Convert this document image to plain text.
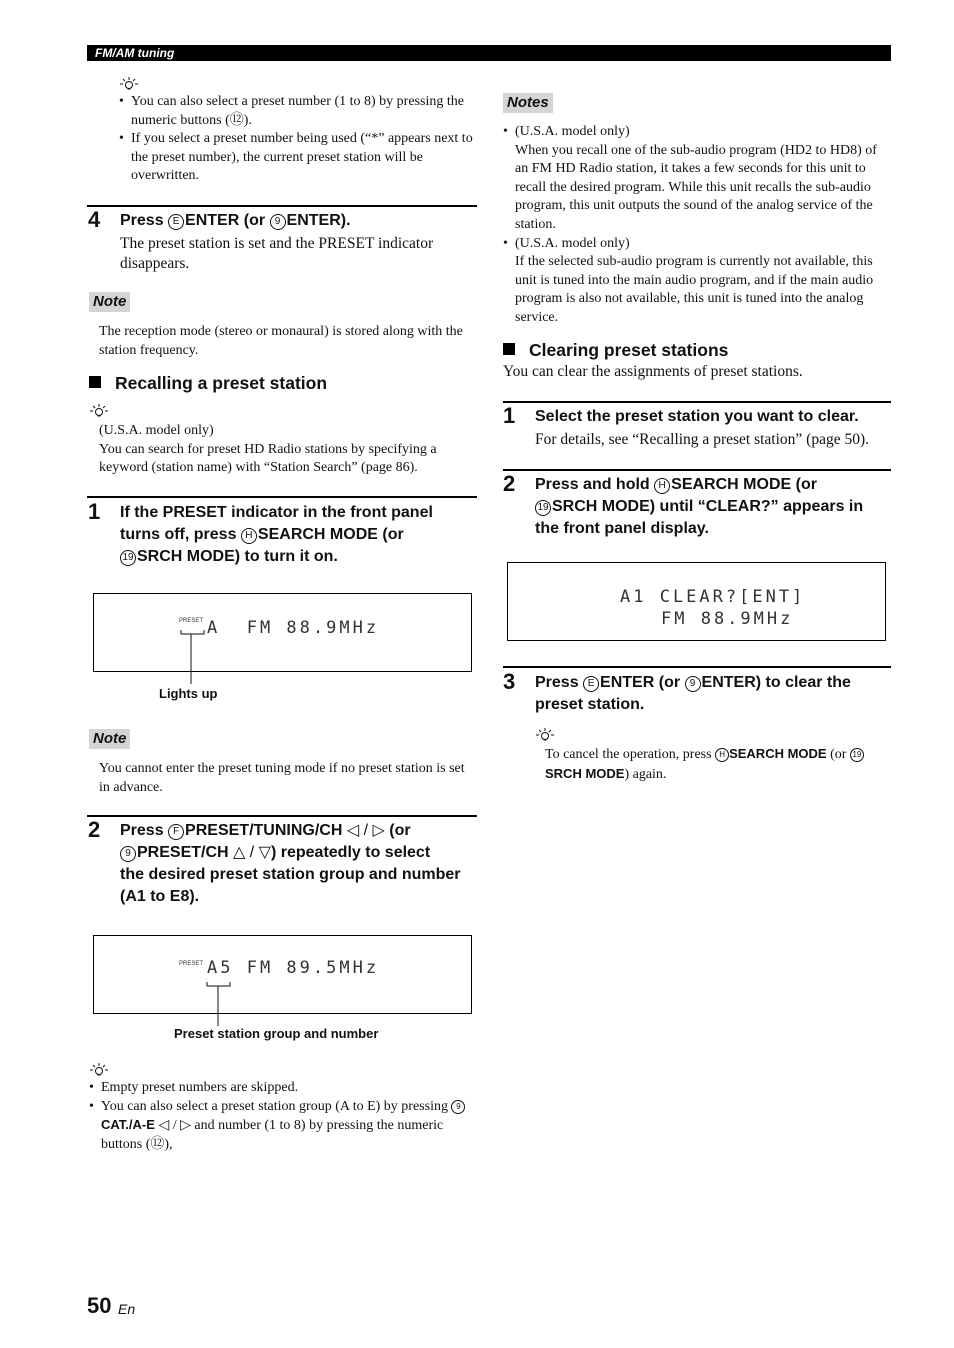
FM/AM tuning
• You can also select a preset number (1 to 8) by pressing the numeric buttons (⑫).
• If you select a preset number being used (“*” appears next to the preset number), the current preset station will be overwritten.
4 Press E ENTER (or 9 ENTER).
The preset station is set and the PRESET indicator disappears.
Note
The reception mode (stereo or monaural) is stored along with the station frequency.
Recalling a preset station
(U.S.A. model only)
You can search for preset HD Radio stations by specifying a keyword (station name) with “Station Search” (page 86).
1 If the PRESET indicator in the front panel
turns off, press H SEARCH MODE (or
19 SRCH MODE) to turn it on.
PRESET A  FM 88.9MHz
Lights up
Note
You cannot enter the preset tuning mode if no preset station is set in advance.
2 Press F PRESET/TUNING/CH ◁ / ▷ (or
9 PRESET/CH △ / ▽) repeatedly to select
the desired preset station group and number
(A1 to E8).
PRESET A5 FM 89.5MHz
Preset station group and number
• Empty preset numbers are skipped.
• You can also select a preset station group (A to E) by pressing 9CAT./A-E ◁ / ▷ and number (1 to 8) by pressing the numeric buttons (⑫),
Notes
• (U.S.A. model only)
When you recall one of the sub-audio program (HD2 to HD8) of an FM HD Radio station, it takes a few seconds for this unit to recall the desired program. While this unit recalls the sub-audio program, this unit outputs the sound of the analog service of the station.
• (U.S.A. model only)
If the selected sub-audio program is currently not available, this unit is tuned into the main audio program, and if the main audio program is also not available, this unit is tuned into the analog service.
Clearing preset stations
You can clear the assignments of preset stations.
1 Select the preset station you want to clear.
For details, see “Recalling a preset station” (page 50).
2 Press and hold H SEARCH MODE (or
19 SRCH MODE) until “CLEAR?” appears in
the front panel display.
A1 CLEAR?[ENT]
FM 88.9MHz
3 Press E ENTER (or 9 ENTER) to clear the
preset station.
To cancel the operation, press H SEARCH MODE (or 19SRCH MODE) again.
50 En
